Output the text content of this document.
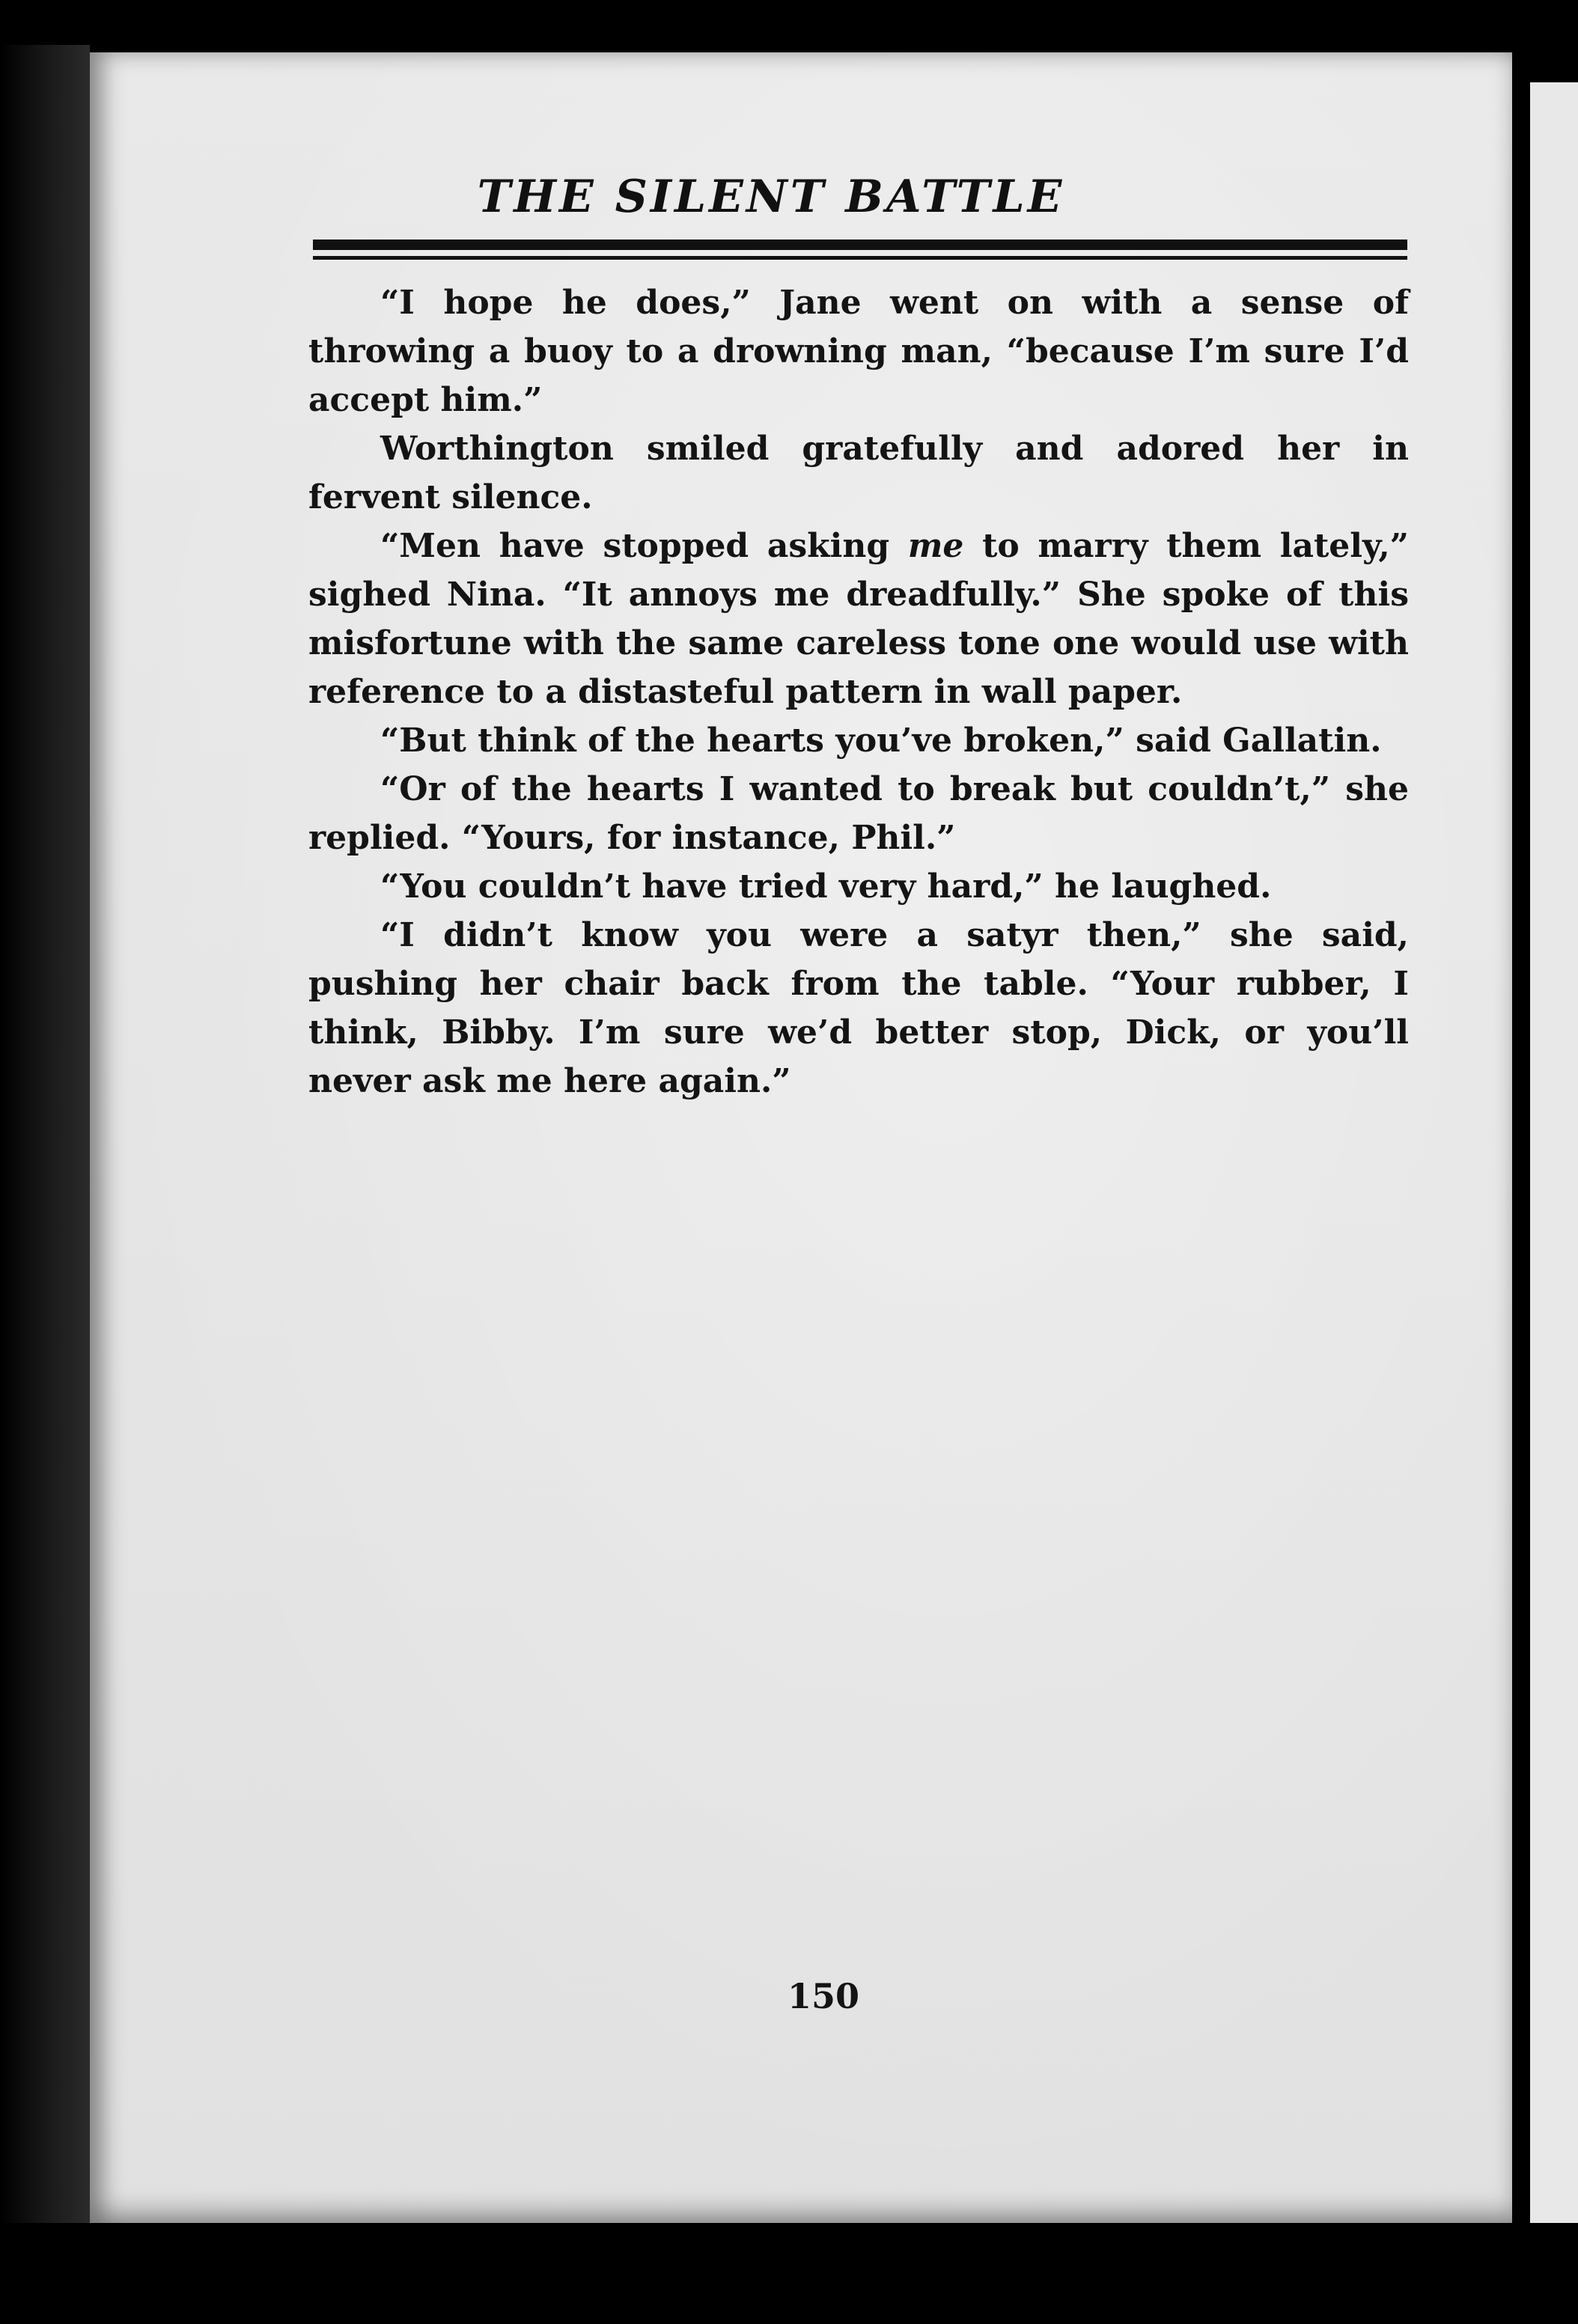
THE SILENT BATTLE

“I hope he does,” Jane went on with a sense of throwing a buoy to a drowning man, “because I’m sure I’d accept him.”

Worthington smiled gratefully and adored her in fervent silence.

“Men have stopped asking me to marry them lately,” sighed Nina. “It annoys me dreadfully.” She spoke of this misfortune with the same careless tone one would use with reference to a distasteful pattern in wall paper.

“But think of the hearts you’ve broken,” said Gallatin.

“Or of the hearts I wanted to break but couldn’t,” she replied. “Yours, for instance, Phil.”

“You couldn’t have tried very hard,” he laughed.

“I didn’t know you were a satyr then,” she said, pushing her chair back from the table. “Your rubber, I think, Bibby. I’m sure we’d better stop, Dick, or you’ll never ask me here again.”

150
